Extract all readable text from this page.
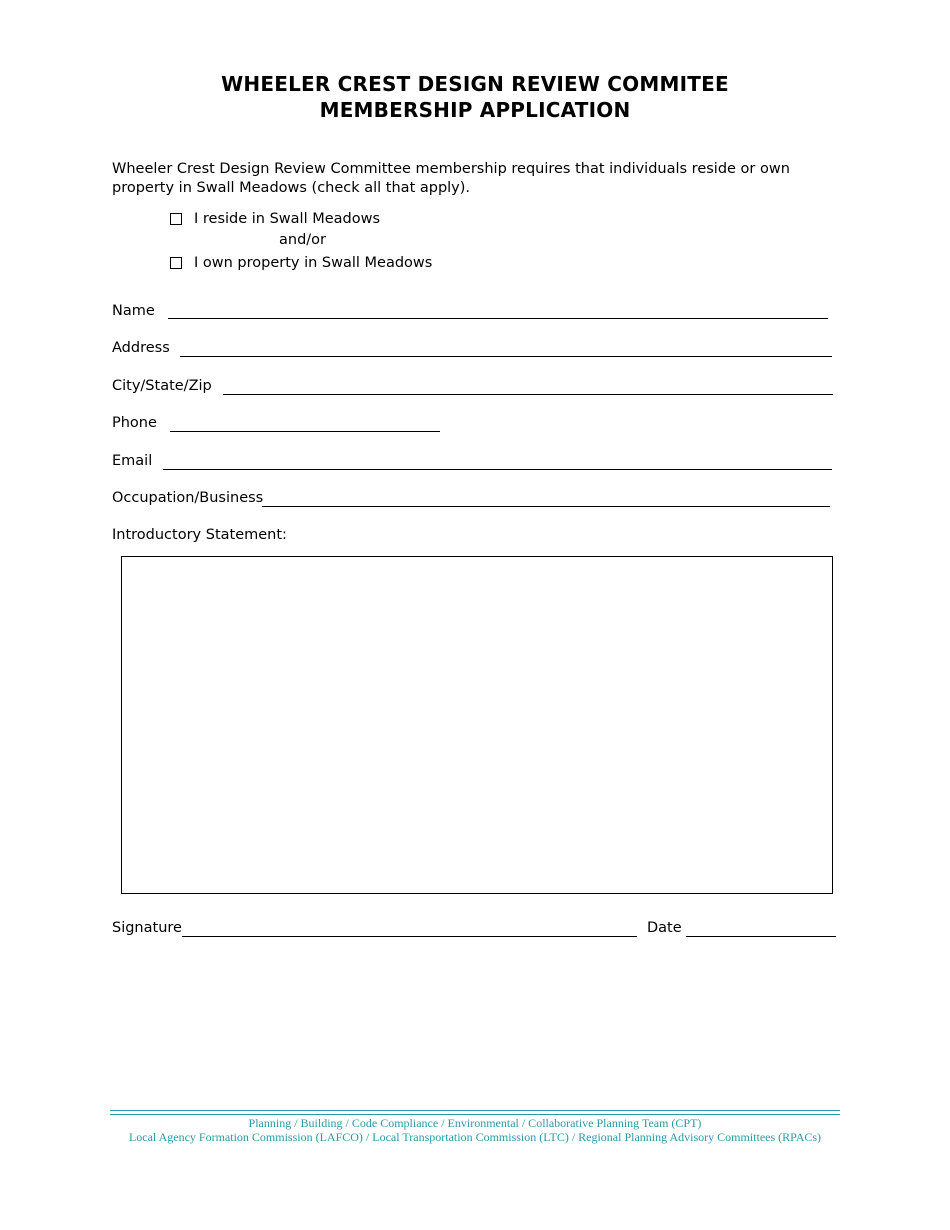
WHEELER CREST DESIGN REVIEW COMMITEE
MEMBERSHIP APPLICATION
Wheeler Crest Design Review Committee membership requires that individuals reside or own property in Swall Meadows (check all that apply).
I reside in Swall Meadows
and/or
I own property in Swall Meadows
Name
Address
City/State/Zip
Phone
Email
Occupation/Business
Introductory Statement:
Signature	Date
Planning / Building / Code Compliance / Environmental / Collaborative Planning Team (CPT)
Local Agency Formation Commission (LAFCO) / Local Transportation Commission (LTC) / Regional Planning Advisory Committees (RPACs)
